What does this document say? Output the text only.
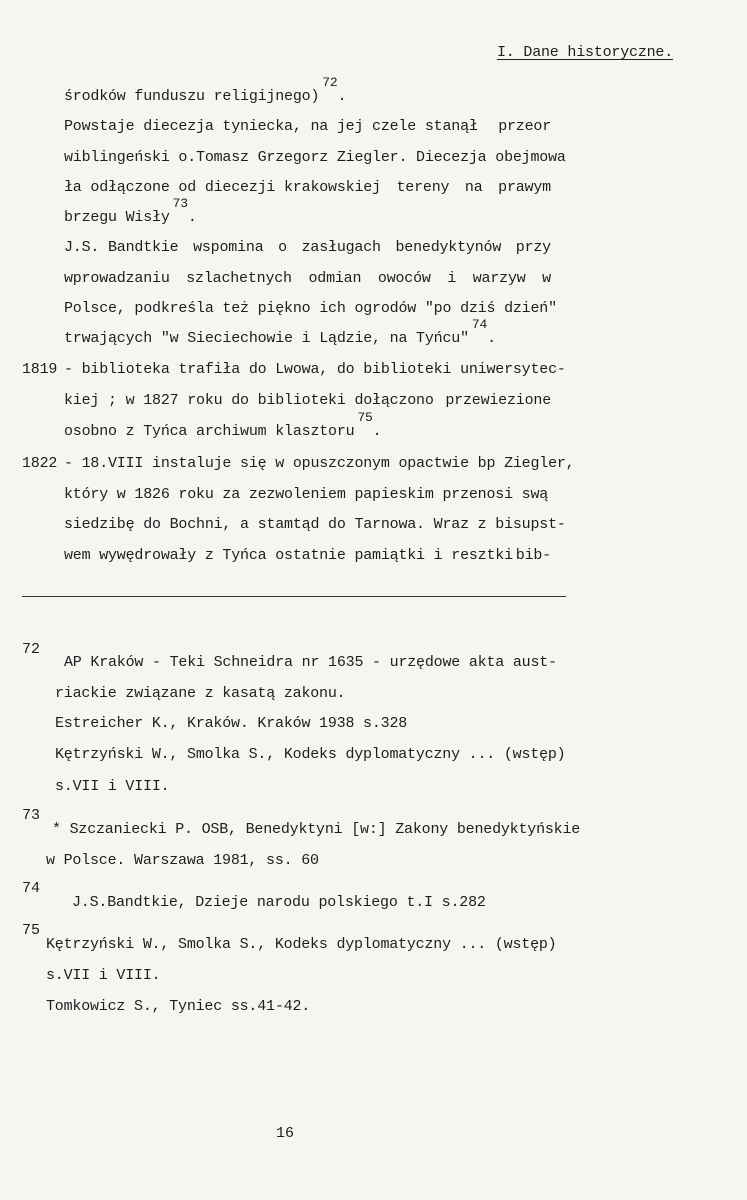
I. Dane historyczne.
środków funduszu religijnego)72.
Powstaje diecezja tyniecka, na jej czele stanął przeor
wiblingeński o.Tomasz Grzegorz Ziegler. Diecezja obejmowa
ła odłączone od diecezji krakowskiej tereny na prawym
brzegu Wisły73.
J.S. Bandtkie wspomina o zasługach benedyktynów przy
wprowadzaniu szlachetnych odmian owoców i warzyw w
Polsce, podkreśla też piękno ich ogrodów "po dziś dzień"
trwających "w Sieciechowie i Lądzie, na Tyńcu"74.
1819 - biblioteka trafiła do Lwowa, do biblioteki uniwersytec-
kiej ; w 1827 roku do biblioteki dołączono przewiezione
osobno z Tyńca archiwum klasztoru75.
1822 - 18.VIII instaluje się w opuszczonym opactwie bp Ziegler,
który w 1826 roku za zezwoleniem papieskim przenosi swą
siedzibę do Bochni, a stamtąd do Tarnowa. Wraz z bisupst-
wem wywędrowały z Tyńca ostatnie pamiątki i resztki bib-
72
AP Kraków - Teki Schneidra nr 1635 - urzędowe akta aust-
riackie związane z kasatą zakonu.
Estreicher K., Kraków. Kraków 1938 s.328
Kętrzyński W., Smolka S., Kodeks dyplomatyczny ... (wstęp)
s.VII i VIII.
73
* Szczaniecki P. OSB, Benedyktyni [w:] Zakony benedyktyńskie
w Polsce. Warszawa 1981, ss. 60
74
J.S.Bandtkie, Dzieje narodu polskiego t.I s.282
75
Kętrzyński W., Smolka S., Kodeks dyplomatyczny ... (wstęp)
s.VII i VIII.
Tomkowicz S., Tyniec ss.41-42.
16
